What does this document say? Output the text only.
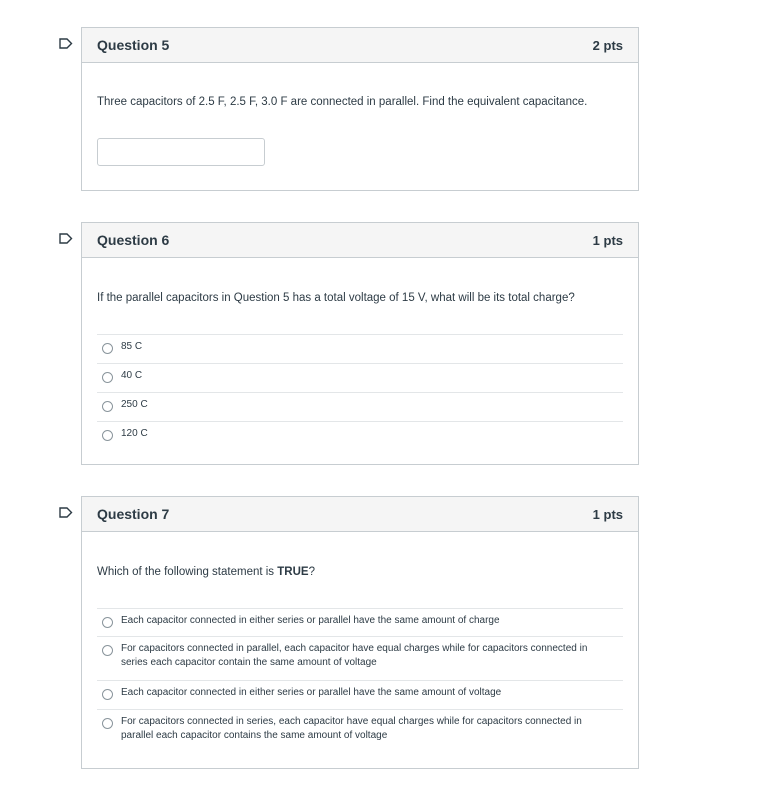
Question 5	2 pts
Three capacitors of 2.5 F, 2.5 F, 3.0 F are connected in parallel. Find the equivalent capacitance.
Question 6	1 pts
If the parallel capacitors in Question 5 has a total voltage of 15 V, what will be its total charge?
85 C
40 C
250 C
120 C
Question 7	1 pts
Which of the following statement is TRUE?
Each capacitor connected in either series or parallel have the same amount of charge
For capacitors connected in parallel, each capacitor have equal charges while for capacitors connected in series each capacitor contain the same amount of voltage
Each capacitor connected in either series or parallel have the same amount of voltage
For capacitors connected in series, each capacitor have equal charges while for capacitors connected in parallel each capacitor contains the same amount of voltage
